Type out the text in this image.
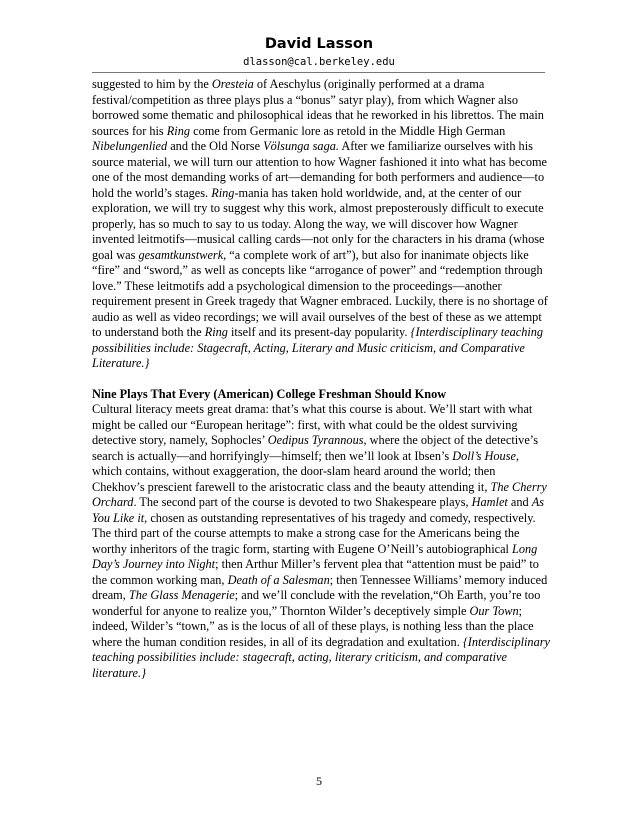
David Lasson
dlasson@cal.berkeley.edu

suggested to him by the Oresteia of Aeschylus (originally performed at a drama festival/competition as three plays plus a “bonus” satyr play), from which Wagner also borrowed some thematic and philosophical ideas that he reworked in his librettos. The main sources for his Ring come from Germanic lore as retold in the Middle High German Nibelungenlied and the Old Norse Völsunga saga. After we familiarize ourselves with his source material, we will turn our attention to how Wagner fashioned it into what has become one of the most demanding works of art—demanding for both performers and audience—to hold the world’s stages. Ring-mania has taken hold worldwide, and, at the center of our exploration, we will try to suggest why this work, almost preposterously difficult to execute properly, has so much to say to us today. Along the way, we will discover how Wagner invented leitmotifs—musical calling cards—not only for the characters in his drama (whose goal was gesamtkunstwerk, “a complete work of art”), but also for inanimate objects like “fire” and “sword,” as well as concepts like “arrogance of power” and “redemption through love.” These leitmotifs add a psychological dimension to the proceedings—another requirement present in Greek tragedy that Wagner embraced. Luckily, there is no shortage of audio as well as video recordings; we will avail ourselves of the best of these as we attempt to understand both the Ring itself and its present-day popularity. {Interdisciplinary teaching possibilities include: Stagecraft, Acting, Literary and Music criticism, and Comparative Literature.}

Nine Plays That Every (American) College Freshman Should Know

Cultural literacy meets great drama: that’s what this course is about. We’ll start with what might be called our “European heritage”: first, with what could be the oldest surviving detective story, namely, Sophocles’ Oedipus Tyrannous, where the object of the detective’s search is actually—and horrifyingly—himself; then we’ll look at Ibsen’s Doll’s House, which contains, without exaggeration, the door-slam heard around the world; then Chekhov’s prescient farewell to the aristocratic class and the beauty attending it, The Cherry Orchard. The second part of the course is devoted to two Shakespeare plays, Hamlet and As You Like it, chosen as outstanding representatives of his tragedy and comedy, respectively. The third part of the course attempts to make a strong case for the Americans being the worthy inheritors of the tragic form, starting with Eugene O’Neill’s autobiographical Long Day’s Journey into Night; then Arthur Miller’s fervent plea that “attention must be paid” to the common working man, Death of a Salesman; then Tennessee Williams’ memory induced dream, The Glass Menagerie; and we’ll conclude with the revelation,“Oh Earth, you’re too wonderful for anyone to realize you,” Thornton Wilder’s deceptively simple Our Town; indeed, Wilder’s “town,” as is the locus of all of these plays, is nothing less than the place where the human condition resides, in all of its degradation and exultation. {Interdisciplinary teaching possibilities include: stagecraft, acting, literary criticism, and comparative literature.}

5
